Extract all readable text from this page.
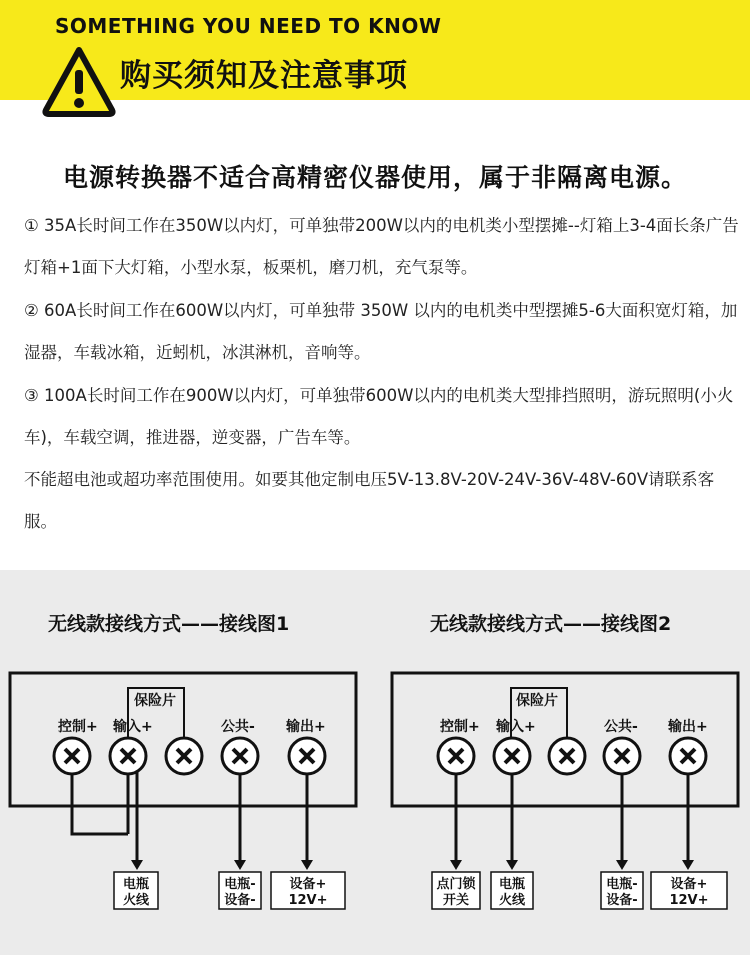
SOMETHING YOU NEED TO KNOW
购买须知及注意事项
电源转换器不适合高精密仪器使用，属于非隔离电源。
① 35A长时间工作在350W以内灯，可单独带200W以内的电机类小型摆摊--灯箱上3-4面长条广告灯箱+1面下大灯箱，小型水泵，板栗机，磨刀机，充气泵等。
② 60A长时间工作在600W以内灯，可单独带 350W 以内的电机类中型摆摊5-6大面积宽灯箱，加湿器，车载冰箱，近蚓机，冰淇淋机，音响等。
③ 100A长时间工作在900W以内灯，可单独带600W以内的电机类大型排挡照明，游玩照明(小火车)，车载空调，推进器，逆变器，广告车等。
不能超电池或超功率范围使用。如要其他定制电压5V-13.8V-20V-24V-36V-48V-60V请联系客服。
无线款接线方式——接线图1	无线款接线方式——接线图2
保险片
控制+ 输入+	公共- 输出+
电瓶
火线
电瓶-
设备-
设备+
12V+
保险片
控制+ 输入+	公共- 输出+
点门锁
开关
电瓶
火线
电瓶-
设备-
设备+
12V+
